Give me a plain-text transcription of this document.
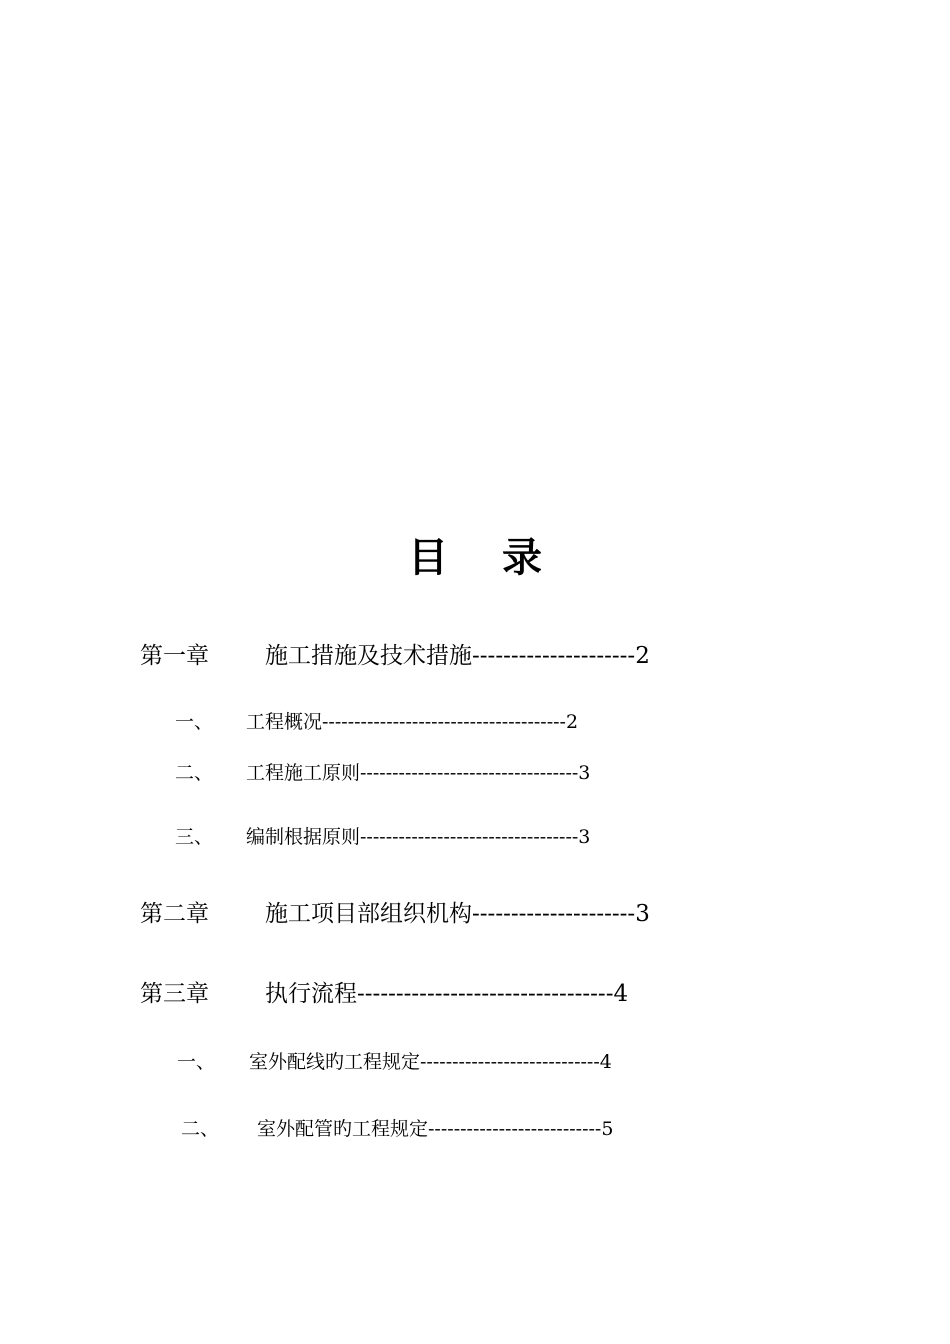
目 录
第一章 施工措施及技术措施---------------------2
一、 工程概况--------------------------------------2
二、 工程施工原则----------------------------------3
三、 编制根据原则----------------------------------3
第二章 施工项目部组织机构---------------------3
第三章 执行流程---------------------------------4
一、 室外配线旳工程规定----------------------------4
二、 室外配管旳工程规定---------------------------5
